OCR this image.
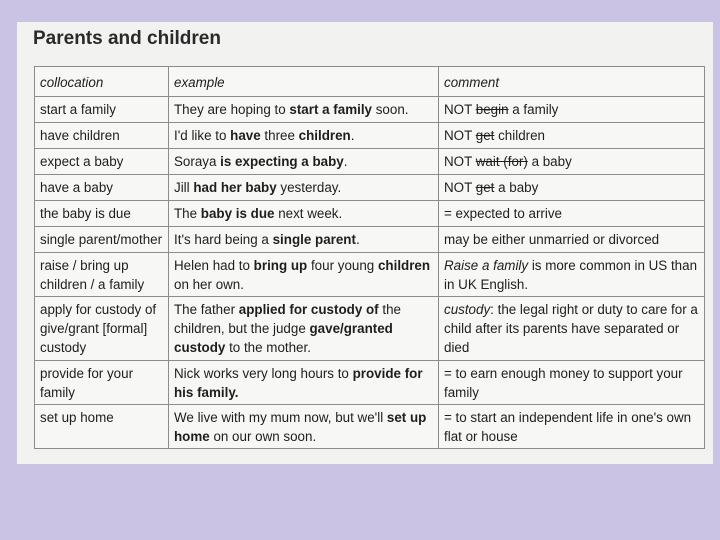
Parents and children
collocation	example	comment
start a family	They are hoping to start a family soon.	NOT begin a family
have children	I'd like to have three children.	NOT get children
expect a baby	Soraya is expecting a baby.	NOT wait (for) a baby
have a baby	Jill had her baby yesterday.	NOT get a baby
the baby is due	The baby is due next week.	= expected to arrive
single parent/mother	It's hard being a single parent.	may be either unmarried or divorced
raise / bring up children / a family	Helen had to bring up four young children on her own.	Raise a family is more common in US than in UK English.
apply for custody of give/grant [formal] custody	The father applied for custody of the children, but the judge gave/granted custody to the mother.	custody: the legal right or duty to care for a child after its parents have separated or died
provide for your family	Nick works very long hours to provide for his family.	= to earn enough money to support your family
set up home	We live with my mum now, but we'll set up home on our own soon.	= to start an independent life in one's own flat or house
